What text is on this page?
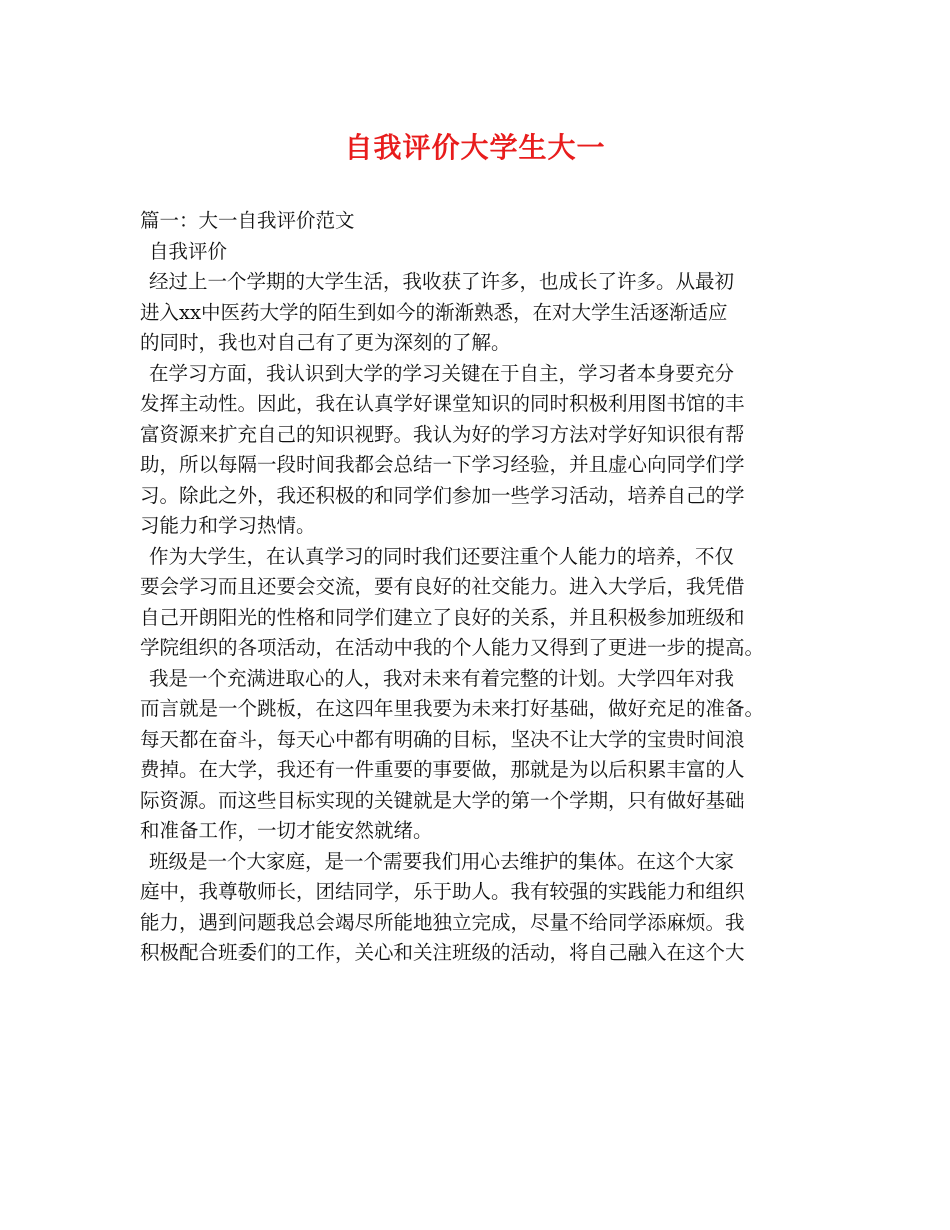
自我评价大学生大一
篇一：大一自我评价范文
自我评价
经过上一个学期的大学生活，我收获了许多，也成长了许多。从最初
进入xx中医药大学的陌生到如今的渐渐熟悉，在对大学生活逐渐适应
的同时，我也对自己有了更为深刻的了解。
在学习方面，我认识到大学的学习关键在于自主，学习者本身要充分
发挥主动性。因此，我在认真学好课堂知识的同时积极利用图书馆的丰
富资源来扩充自己的知识视野。我认为好的学习方法对学好知识很有帮
助，所以每隔一段时间我都会总结一下学习经验，并且虚心向同学们学
习。除此之外，我还积极的和同学们参加一些学习活动，培养自己的学
习能力和学习热情。
作为大学生，在认真学习的同时我们还要注重个人能力的培养，不仅
要会学习而且还要会交流，要有良好的社交能力。进入大学后，我凭借
自己开朗阳光的性格和同学们建立了良好的关系，并且积极参加班级和
学院组织的各项活动，在活动中我的个人能力又得到了更进一步的提高。
我是一个充满进取心的人，我对未来有着完整的计划。大学四年对我
而言就是一个跳板，在这四年里我要为未来打好基础，做好充足的准备。
每天都在奋斗，每天心中都有明确的目标，坚决不让大学的宝贵时间浪
费掉。在大学，我还有一件重要的事要做，那就是为以后积累丰富的人
际资源。而这些目标实现的关键就是大学的第一个学期，只有做好基础
和准备工作，一切才能安然就绪。
班级是一个大家庭，是一个需要我们用心去维护的集体。在这个大家
庭中，我尊敬师长，团结同学，乐于助人。我有较强的实践能力和组织
能力，遇到问题我总会竭尽所能地独立完成，尽量不给同学添麻烦。我
积极配合班委们的工作，关心和关注班级的活动，将自己融入在这个大
